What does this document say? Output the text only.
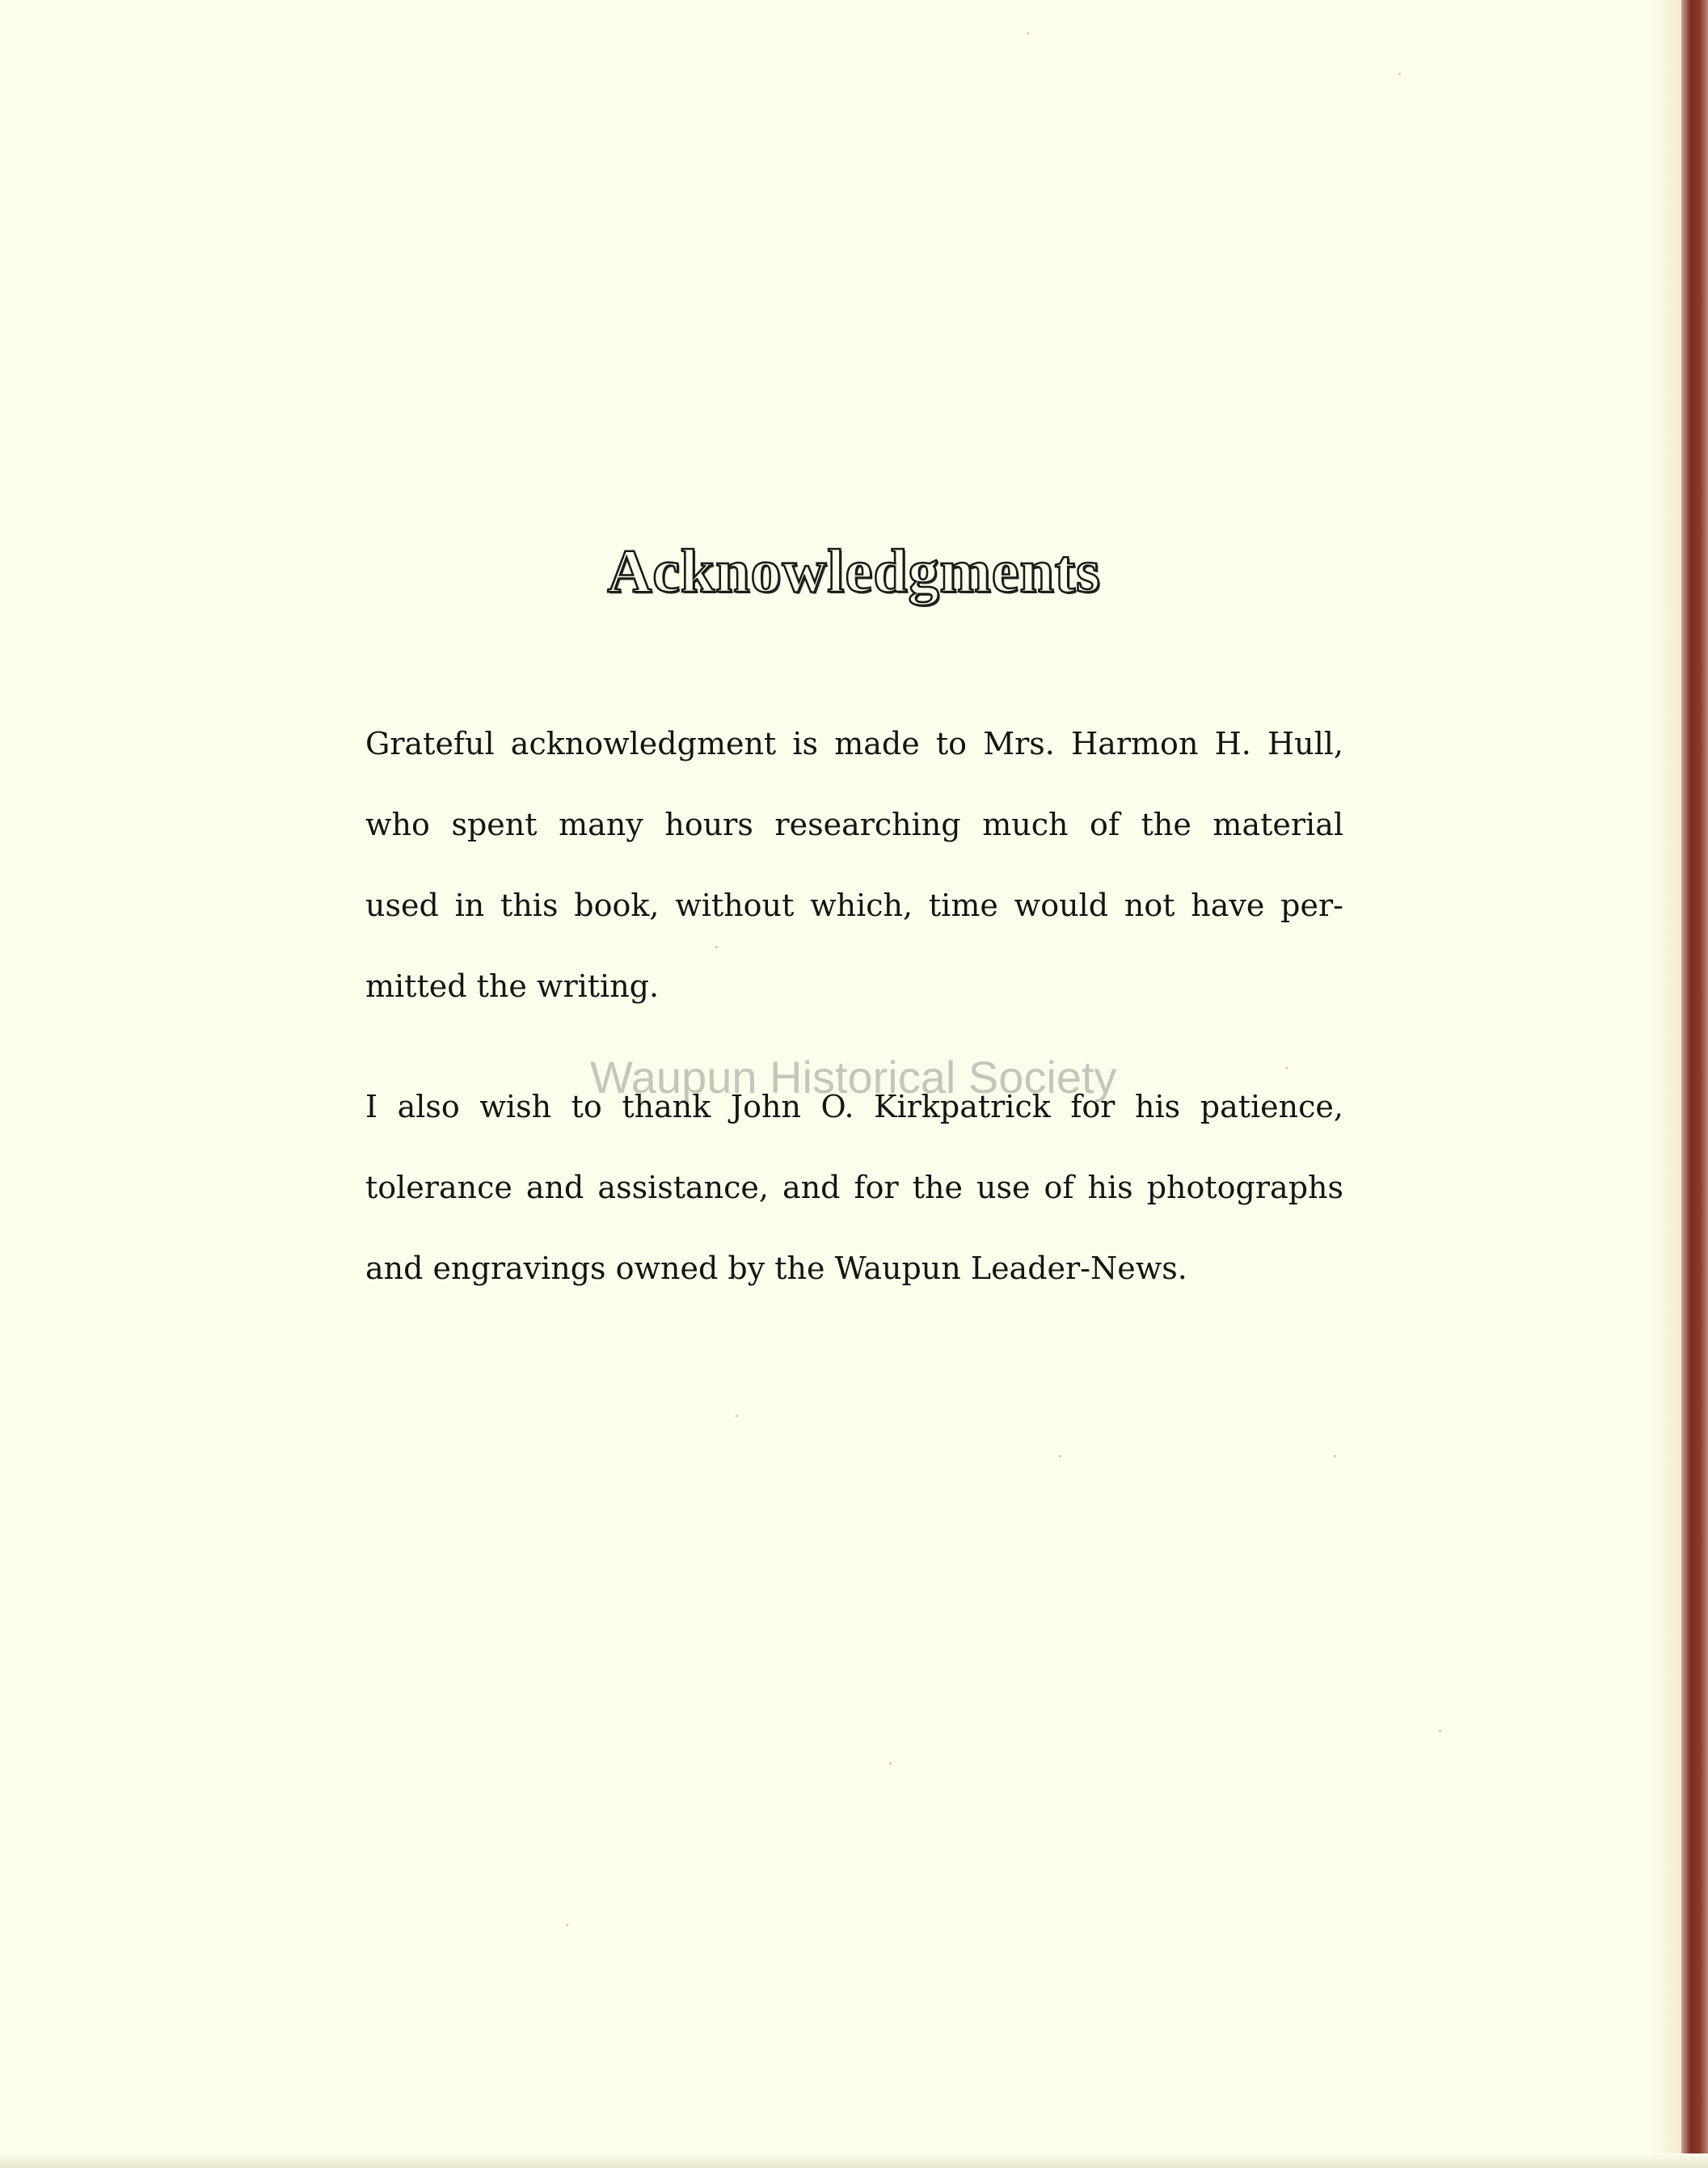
Acknowledgments
Grateful acknowledgment is made to Mrs. Harmon H. Hull,
who spent many hours researching much of the material
used in this book, without which, time would not have per-
mitted the writing.
I also wish to thank John O. Kirkpatrick for his patience,
tolerance and assistance, and for the use of his photographs
and engravings owned by the Waupun Leader-News.
Waupun Historical Society
